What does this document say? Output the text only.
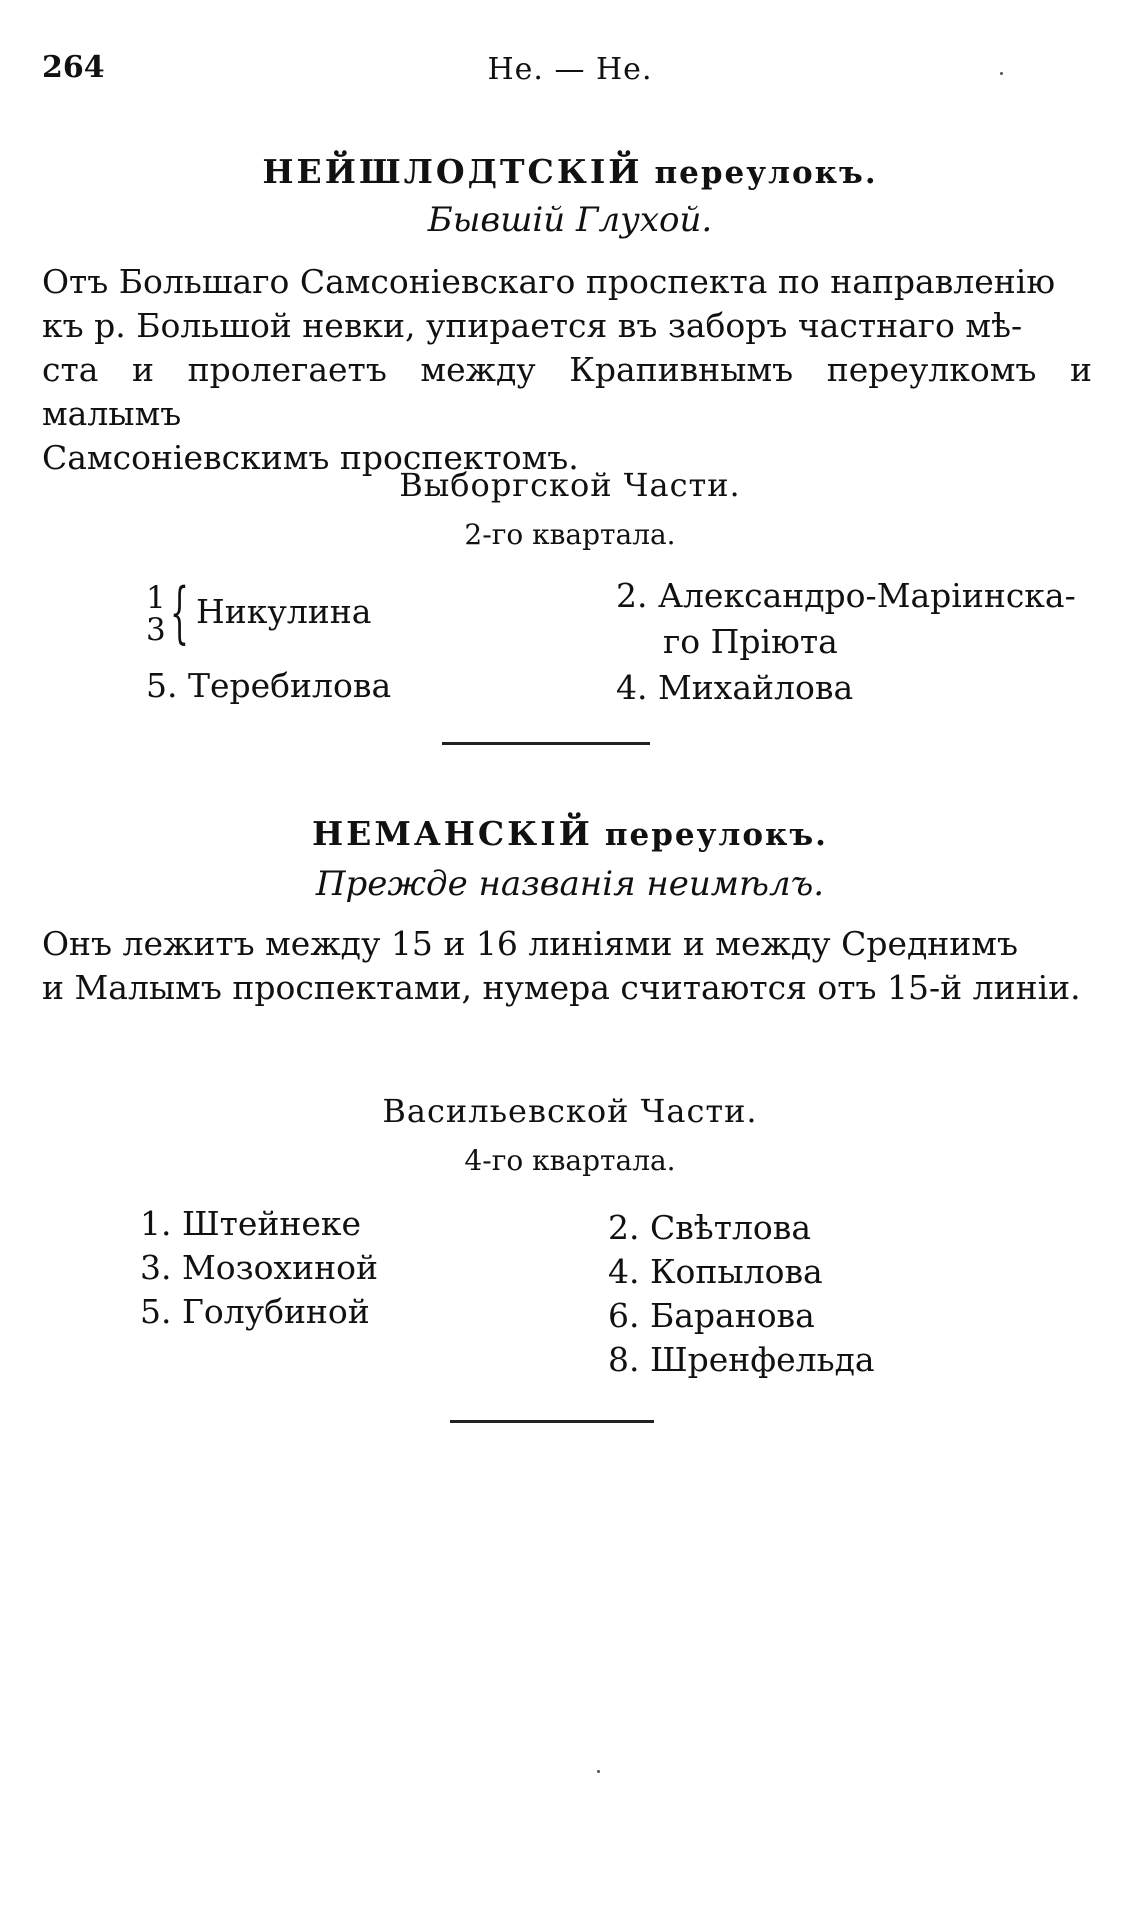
264	Не. — Не.
НЕЙШЛОДТСКІЙ переулокъ.
Бывшій Глухой.

Отъ Большаго Самсоніевскаго проспекта по направленію

къ р. Большой невки, упирается въ заборъ частнаго мѣ-

ста и пролегаетъ между Крапивнымъ переулкомъ и малымъ

Самсоніевскимъ проспектомъ.

Выборгской Части.
2-го квартала.
1
3 { Никулина
5. Теребилова
2. Александро-Маріинска-
го Пріюта
4. Михайлова
НЕМАНСКІЙ переулокъ.
Прежде названія неимѣлъ.

Онъ лежитъ между 15 и 16 линіями и между Среднимъ

и Малымъ проспектами, нумера считаются отъ 15-й линіи.

Васильевской Части.
4-го квартала.
1. Штейнеке
3. Мозохиной
5. Голубиной
2. Свѣтлова
4. Копылова
6. Баранова
8. Шренфельда
